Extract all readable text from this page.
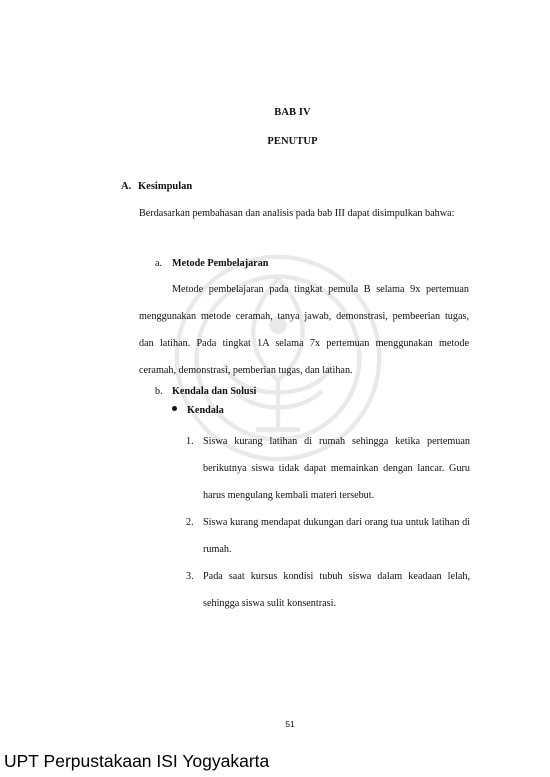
BAB IV
PENUTUP
A. Kesimpulan
Berdasarkan pembahasan dan analisis pada bab III dapat disimpulkan bahwa:
a. Metode Pembelajaran
Metode pembelajaran pada tingkat pemula B selama 9x pertemuan menggunakan metode ceramah, tanya jawab, demonstrasi, pembeerian tugas, dan latihan. Pada tingkat 1A selama 7x pertemuan menggunakan metode ceramah, demonstrasi, pemberian tugas, dan latihan.
b. Kendala dan Solusi
Kendala
1. Siswa kurang latihan di rumah sehingga ketika pertemuan berikutnya siswa tidak dapat memainkan dengan lancar. Guru harus mengulang kembali materi tersebut.
2. Siswa kurang mendapat dukungan dari orang tua untuk latihan di rumah.
3. Pada saat kursus kondisi tubuh siswa dalam keadaan lelah, sehingga siswa sulit konsentrasi.
51
UPT Perpustakaan ISI Yogyakarta
